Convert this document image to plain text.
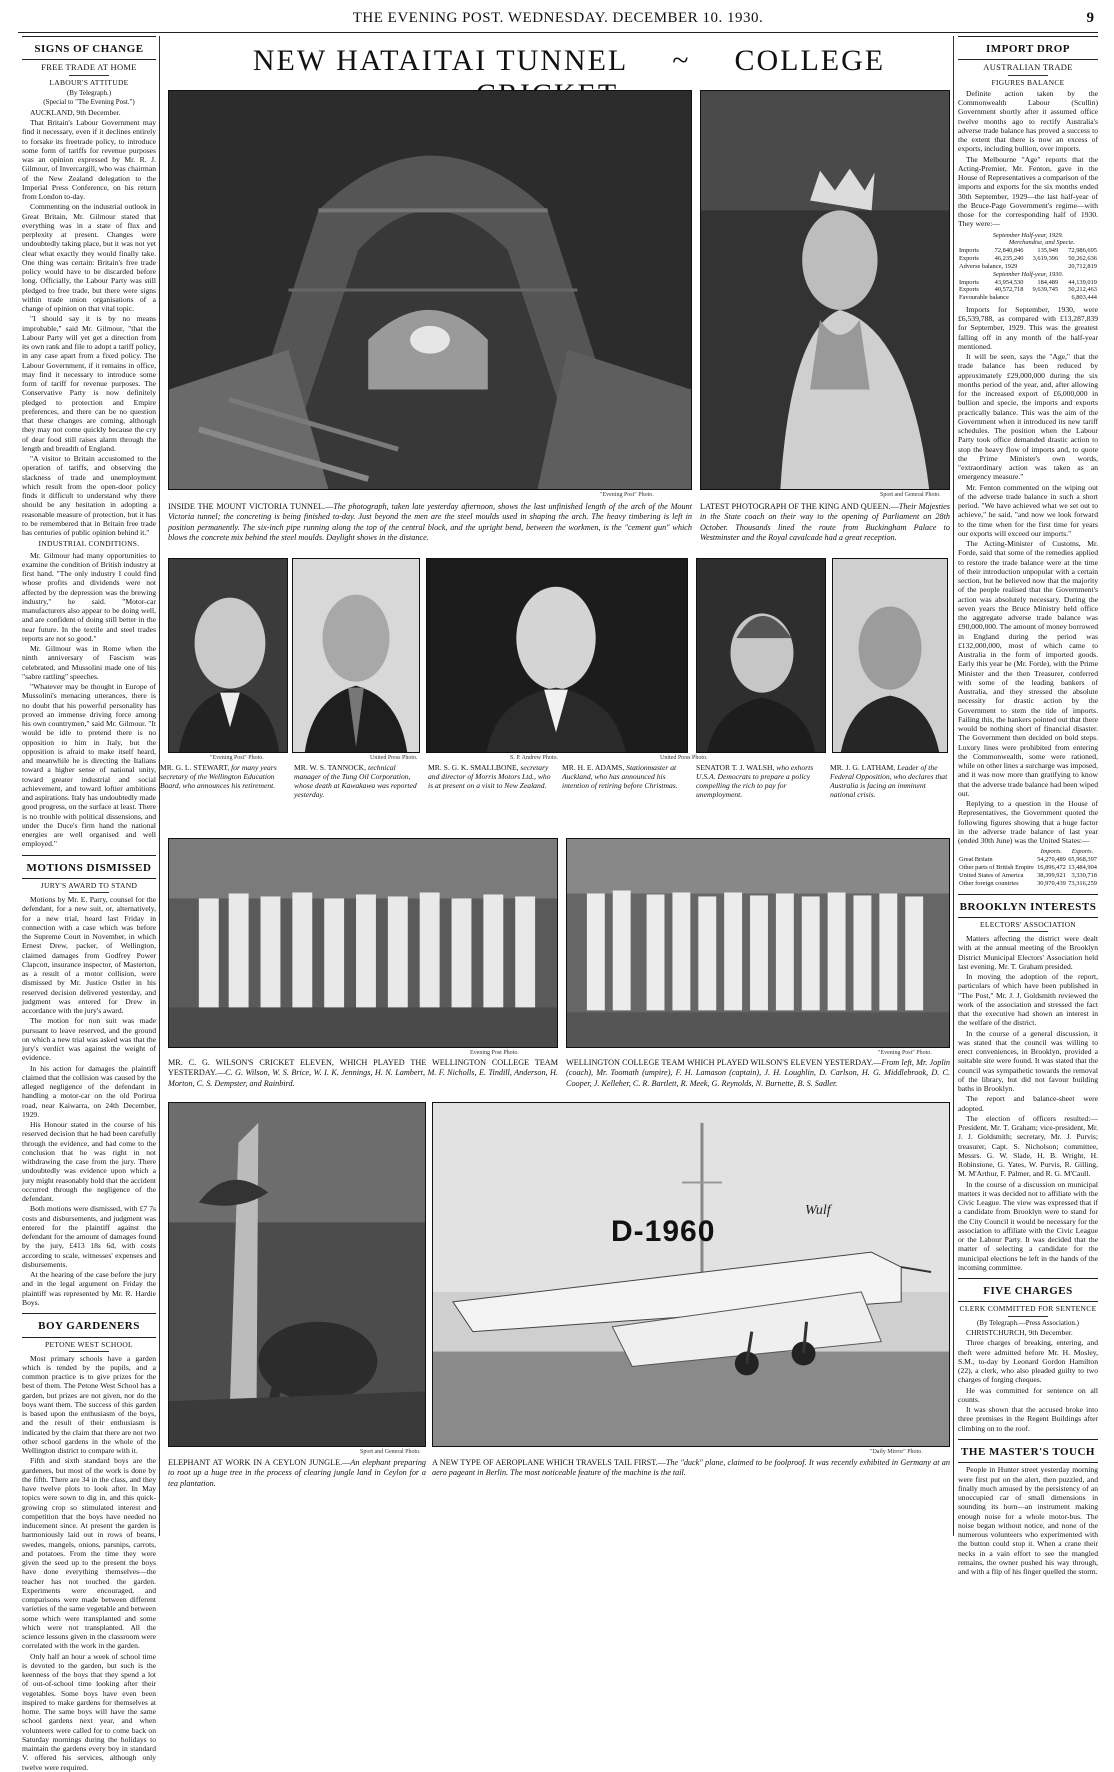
THE EVENING POST. WEDNESDAY. DECEMBER 10. 1930.	9
SIGNS OF CHANGE
FREE TRADE AT HOME
LABOUR'S ATTITUDE
(By Telegraph.)
(Special to "The Evening Post.")

AUCKLAND, 9th December.

That Britain's Labour Government may find it necessary, even if it declines entirely to forsake its freetrade policy, to introduce some form of tariffs for revenue purposes was an opinion expressed by Mr. R. J. Gilmour, of Invercargill, who was chairman of the New Zealand delegation to the Imperial Press Conference, on his return from London to-day.

Commenting on the industrial outlook in Great Britain, Mr. Gilmour stated that everything was in a state of flux and perplexity at present. Changes were undoubtedly taking place, but it was not yet clear what exactly they would finally take. One thing was certain: Britain's free trade policy would have to be discarded before long. Officially, the Labour Party was still pledged to free trade, but there were signs within trade union organisations of a change of opinion on that vital topic.

"I should say it is by no means improbable," said Mr. Gilmour, "that the Labour Party will yet get a direction from its own rank and file to adopt a tariff policy, in any case apart from a fixed policy. The Labour Government, if it remains in office, may find it necessary to introduce some form of tariff for revenue purposes. The Conservative Party is now definitely pledged to protection and Empire preferences, and there can be no question that these changes are coming, although they may not come quickly because the cry of dear food still raises alarm through the length and breadth of England.

"A visitor to Britain accustomed to the operation of tariffs, and observing the slackness of trade and unemployment which result from the open-door policy finds it difficult to understand why there should be any hesitation in adopting a reasonable measure of protection, but it has to be remembered that in Britain free trade has centuries of public opinion behind it."

INDUSTRIAL CONDITIONS.

Mr. Gilmour had many opportunities to examine the condition of British industry at first hand. "The only industry I could find whose profits and dividends were not affected by the depression was the brewing industry," he said. "Motor-car manufacturers also appear to be doing well, and are confident of doing still better in the near future. In the textile and steel trades reports are not so good."

Mr. Gilmour was in Rome when the ninth anniversary of Fascism was celebrated, and Mussolini made one of his "sabre rattling" speeches.

"Whatever may be thought in Europe of Mussolini's menacing utterances, there is no doubt that his powerful personality has proved an immense driving force among his own countrymen," said Mr. Gilmour. "It would be idle to pretend there is no opposition to him in Italy, but the opposition is afraid to make itself heard, and meanwhile he is directing the Italians toward a higher sense of national unity, toward greater industrial and social achievement, and toward loftier ambitions and aspirations. Italy has undoubtedly made good progress, on the surface at least. There is no trouble with political dissensions, and under the Duce's firm hand the national energies are well organised and well employed."

MOTIONS DISMISSED
JURY'S AWARD TO STAND

Motions by Mr. E. Parry, counsel for the defendant, for a new suit, or, alternatively, for a new trial, heard last Friday in connection with a case which was before the Supreme Court in November, in which Ernest Drew, packer, of Wellington, claimed damages from Godfrey Power Clapcott, insurance inspector, of Masterton, as a result of a motor collision, were dismissed by Mr. Justice Ostler in his reserved decision delivered yesterday, and judgment was entered for Drew in accordance with the jury's award.

The motion for non suit was made pursuant to leave reserved, and the ground on which a new trial was asked was that the jury's verdict was against the weight of evidence.

In his action for damages the plaintiff claimed that the collision was caused by the alleged negligence of the defendant in handling a motor-car on the old Porirua road, near Kaiwarra, on 24th December, 1929.

His Honour stated in the course of his reserved decision that he had been carefully through the evidence, and had come to the conclusion that he was right in not withdrawing the case from the jury. There undoubtedly was evidence upon which a jury might reasonably hold that the accident occurred through the negligence of the defendant.

Both motions were dismissed, with £7 7s costs and disbursements, and judgment was entered for the plaintiff against the defendant for the amount of damages found by the jury, £413 18s 6d, with costs according to scale, witnesses' expenses and disbursements.

At the hearing of the case before the jury and in the legal argument on Friday the plaintiff was represented by Mr. R. Hardie Boys.

BOY GARDENERS
PETONE WEST SCHOOL

Most primary schools have a garden which is tended by the pupils, and a common practice is to give prizes for the best of them. The Petone West School has a garden, but prizes are not given, nor do the boys want them. The success of this garden is based upon the enthusiasm of the boys, and the result of their enthusiasm is indicated by the claim that there are not two other school gardens in the whole of the Wellington district to compare with it.

Fifth and sixth standard boys are the gardeners, but most of the work is done by the fifth. There are 34 in the class, and they have twelve plots to look after. In May topics were sown to dig in, and this quick-growing crop so stimulated interest and competition that the boys have needed no inducement since. At present the garden is harmoniously laid out in rows of beans, swedes, mangels, onions, parsnips, carrots, and potatoes. From the time they were given the seed up to the present the boys have done everything themselves—the teacher has not touched the garden. Experiments were encouraged, and comparisons were made between different varieties of the same vegetable and between some which were transplanted and some which were not transplanted. All the science lessons given in the classroom were correlated with the work in the garden.

Only half an hour a week of school time is devoted to the garden, but such is the keenness of the boys that they spend a lot of out-of-school time looking after their vegetables. Some boys have even been inspired to make gardens for themselves at home. The same boys will have the same school gardens next year, and when volunteers were called for to come back on Saturday mornings during the holidays to maintain the gardens every boy in standard V. offered his services, although only twelve were required.

IMPORT DROP
AUSTRALIAN TRADE
FIGURES BALANCE

Definite action taken by the Commonwealth Labour (Scullin) Government shortly after it assumed office twelve months ago to rectify Australia's adverse trade balance has proved a success to the extent that there is now an excess of exports, including bullion, over imports.

The Melbourne "Age" reports that the Acting-Premier, Mr. Fenton, gave in the House of Representatives a comparison of the imports and exports for the six months ended 30th September, 1929—the last half-year of the Bruce-Page Government's regime—with those for the corresponding half of 1930. They were:—

September Half-year, 1929.			
	Merchandise, and Specie.		
Imports	72,840,846	135,949	72,986,695
Exports	46,235,240	3,619,396	50,262,636
Adverse balance, 1929			20,712,819
September Half-year, 1930.			
Imports	43,954,530	184,489	44,139,019
Exports	40,572,718	9,639,745	50,212,463
Favourable balance			6,803,444

Imports for September, 1930, were £6,539,788, as compared with £13,287,839 for September, 1929. This was the greatest falling off in any month of the half-year mentioned.

It will be seen, says the "Age," that the trade balance has been reduced by approximately £29,000,000 during the six months period of the year, and, after allowing for the increased export of £6,000,000 in bullion and specie, the imports and exports practically balance. This was the aim of the Government when it introduced its new tariff schedules. The position when the Labour Party took office demanded drastic action to stop the heavy flow of imports and, to quote the Prime Minister's own words, "extraordinary action was taken as an emergency measure."

Mr. Fenton commented on the wiping out of the adverse trade balance in such a short period. "We have achieved what we set out to achieve," he said, "and now we look forward to the time when for the first time for years our exports will exceed our imports."

The Acting-Minister of Customs, Mr. Forde, said that some of the remedies applied to restore the trade balance were at the time of their introduction unpopular with a certain section, but he believed now that the majority of the people realised that the Government's action was absolutely necessary. During the seven years the Bruce Ministry held office the aggregate adverse trade balance was £90,000,000. The amount of money borrowed in England during the period was £132,000,000, most of which came to Australia in the form of imported goods. Early this year he (Mr. Forde), with the Prime Minister and the then Treasurer, conferred with some of the leading bankers of Australia, and they stressed the absolute necessity for drastic action by the Government to stem the tide of imports. Failing this, the bankers pointed out that there would be nothing short of financial disaster. The Government then decided on bold steps. Luxury lines were prohibited from entering the Commonwealth, some were rationed, while on other lines a surcharge was imposed, and it was now more than gratifying to know that the adverse trade balance had been wiped out.

Replying to a question in the House of Representatives, the Government quoted the following figures showing that a huge factor in the adverse trade balance of last year (ended 30th June) was the United States:—

	Imports.	Exports.
Great Britain	54,270,489	65,968,397
Other parts of British Empire	16,896,472	13,484,904
United States of America	38,399,921	3,330,718
Other foreign countries	30,970,439	73,316,259
BROOKLYN INTERESTS
ELECTORS' ASSOCIATION

Matters affecting the district were dealt with at the annual meeting of the Brooklyn District Municipal Electors' Association held last evening. Mr. T. Graham presided.

In moving the adoption of the report, particulars of which have been published in "The Post," Mr. J. J. Goldsmith reviewed the work of the association and stressed the fact that the executive had shown an interest in the welfare of the district.

In the course of a general discussion, it was stated that the council was willing to erect conveniences, in Brooklyn, provided a suitable site were found. It was stated that the council was sympathetic towards the removal of the library, but did not favour building baths in Brooklyn.

The report and balance-sheet were adopted.

The election of officers resulted:—President, Mr. T. Graham; vice-president, Mr. J. J. Goldsmith; secretary, Mr. J. Purvis; treasurer, Capt. S. Nicholson; committee, Messrs. G. W. Slade, H. B. Wright, H. Robinstone, G. Yates, W. Purvis, R. Gilling, M. M'Arthur, F. Palmer, and R. G. M'Caull.

In the course of a discussion on municipal matters it was decided not to affiliate with the Civic League. The view was expressed that if a candidate from Brooklyn were to stand for the City Council it would be necessary for the association to affiliate with the Civic League or the Labour Party. It was decided that the matter of selecting a candidate for the municipal elections be left in the hands of the incoming committee.

FIVE CHARGES
CLERK COMMITTED FOR SENTENCE
(By Telegraph.—Press Association.)

CHRISTCHURCH, 9th December.

Three charges of breaking, entering, and theft were admitted before Mr. H. Mosley, S.M., to-day by Leonard Gordon Hamilton (22), a clerk, who also pleaded guilty to two charges of forging cheques.

He was committed for sentence on all counts.

It was shown that the accused broke into three premises in the Regent Buildings after climbing on to the roof.

THE MASTER'S TOUCH

People in Hunter street yesterday morning were first put on the alert, then puzzled, and finally much amused by the persistency of an unoccupied car of small dimensions in sounding its horn—an instrument making enough noise for a whole motor-bus. The noise began without notice, and none of the numerous volunteers who experimented with the button could stop it. When a crane their necks in a vain effort to see the mangled remains, the owner pushed his way through, and with a flip of his finger quelled the storm.

NEW HATAITAI TUNNEL ~ COLLEGE
"Evening Post" Photo.
INSIDE THE MOUNT VICTORIA TUNNEL.—The photograph, taken late yesterday afternoon, shows the last unfinished length of the arch of the Mount Victoria tunnel; the concreting is being finished to-day. Just beyond the men are the steel moulds used in shaping the arch. The heavy timbering is left in position permanently. The six-inch pipe running along the top of the central block, and the upright bend, between the workmen, is the "cement gun" which blows the concrete mix behind the steel moulds. Daylight shows in the distance.
Sport and General Photo.
LATEST PHOTOGRAPH OF THE KING AND QUEEN.—Their Majesties in the State coach on their way to the opening of Parliament on 28th October. Thousands lined the route from Buckingham Palace to Westminster and the Royal cavalcade had a great reception.
"Evening Post" Photo.	United Press Photo.	S. P. Andrew Photo.	United Press Photo.
MR. G. L. STEWART, for many years secretary of the Wellington Education Board, who announces his retirement.
MR. W. S. TANNOCK, technical manager of the Tung Oil Corporation, whose death at Kawakawa was reported yesterday.
MR. S. G. K. SMALLBONE, secretary and director of Morris Motors Ltd., who is at present on a visit to New Zealand.
MR. H. E. ADAMS, Stationmaster at Auckland, who has announced his intention of retiring before Christmas.
SENATOR T. J. WALSH, who exhorts U.S.A. Democrats to prepare a policy compelling the rich to pay for unemployment.
MR. J. G. LATHAM, Leader of the Federal Opposition, who declares that Australia is facing an imminent national crisis.
Evening Post Photo.
MR. C. G. WILSON'S CRICKET ELEVEN, WHICH PLAYED THE WELLINGTON COLLEGE TEAM YESTERDAY.—C. G. Wilson, W. S. Brice, W. I. K. Jennings, H. N. Lambert, M. F. Nicholls, E. Tindill, Anderson, H. Morton, C. S. Dempster, and Rainbird.
"Evening Post" Photo.
WELLINGTON COLLEGE TEAM WHICH PLAYED WILSON'S ELEVEN YESTERDAY.—From left, Mr. Joplin (coach), Mr. Toomath (umpire), F. H. Lamason (captain), J. H. Loughlin, D. Carlson, H. G. Middlebrook, D. C. Cooper, J. Kelleher, C. R. Bartlett, R. Meek, G. Reynolds, N. Burnette, B. S. Sadler.
Sport and General Photo.
ELEPHANT AT WORK IN A CEYLON JUNGLE.—An elephant preparing to root up a huge tree in the process of clearing jungle land in Ceylon for a tea plantation.
D-1960
Wulf
"Daily Mirror" Photo.
A NEW TYPE OF AEROPLANE WHICH TRAVELS TAIL FIRST.—The "duck" plane, claimed to be foolproof. It was recently exhibited in Germany at an aero pageant in Berlin. The most noticeable feature of the machine is the tail.
